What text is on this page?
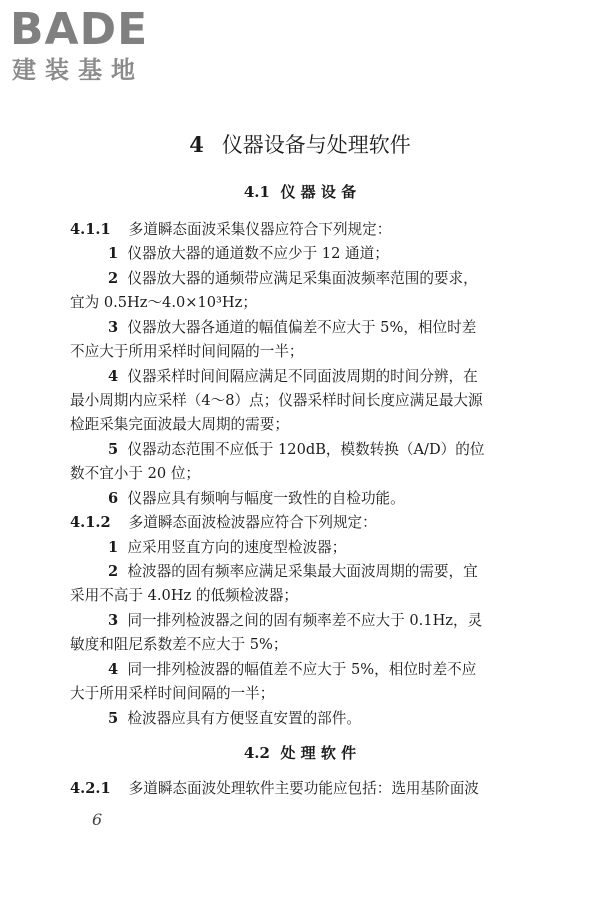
BADE
建装基地
4 仪器设备与处理软件
4.1 仪 器 设 备
4.1.1 多道瞬态面波采集仪器应符合下列规定：
1 仪器放大器的通道数不应少于 12 通道；
2 仪器放大器的通频带应满足采集面波频率范围的要求，
宜为 0.5Hz～4.0×10³Hz；
3 仪器放大器各通道的幅值偏差不应大于 5%，相位时差
不应大于所用采样时间间隔的一半；
4 仪器采样时间间隔应满足不同面波周期的时间分辨，在
最小周期内应采样（4～8）点；仪器采样时间长度应满足最大源
检距采集完面波最大周期的需要；
5 仪器动态范围不应低于 120dB，模数转换（A/D）的位
数不宜小于 20 位；
6 仪器应具有频响与幅度一致性的自检功能。
4.1.2 多道瞬态面波检波器应符合下列规定：
1 应采用竖直方向的速度型检波器；
2 检波器的固有频率应满足采集最大面波周期的需要，宜
采用不高于 4.0Hz 的低频检波器；
3 同一排列检波器之间的固有频率差不应大于 0.1Hz，灵
敏度和阻尼系数差不应大于 5%；
4 同一排列检波器的幅值差不应大于 5%，相位时差不应
大于所用采样时间间隔的一半；
5 检波器应具有方便竖直安置的部件。
4.2 处 理 软 件
4.2.1 多道瞬态面波处理软件主要功能应包括：选用基阶面波
6
